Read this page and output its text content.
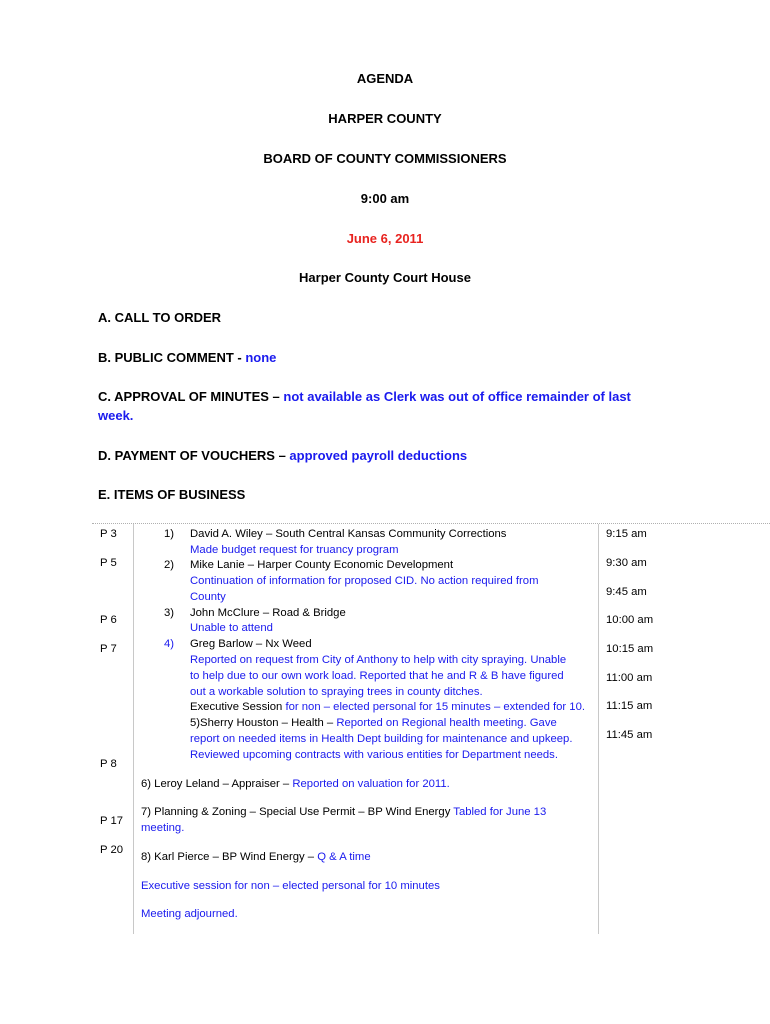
AGENDA
HARPER COUNTY
BOARD OF COUNTY COMMISSIONERS
9:00 am
June 6, 2011
Harper County Court House
A. CALL TO ORDER
B. PUBLIC COMMENT - none
C. APPROVAL OF MINUTES – not available as Clerk was out of office remainder of last
week.
D. PAYMENT OF VOUCHERS – approved payroll deductions
E. ITEMS OF BUSINESS
P 3
P 5
P 6
P 7
P 8
P 17
P 20
9:15 am
9:30 am
9:45 am
10:00 am
10:15 am
11:00 am
11:15 am
11:45 am
1) David A. Wiley – South Central Kansas Community Corrections
Made budget request for truancy program
2) Mike Lanie – Harper County Economic Development
Continuation of information for proposed CID. No action required from
County
3) John McClure – Road & Bridge
Unable to attend
4) Greg Barlow – Nx Weed
Reported on request from City of Anthony to help with city spraying. Unable
to help due to our own work load. Reported that he and R & B have figured
out a workable solution to spraying trees in county ditches.
Executive Session for non – elected personal for 15 minutes – extended for 10.
5)Sherry Houston – Health – Reported on Regional health meeting. Gave
report on needed items in Health Dept building for maintenance and upkeep.
Reviewed upcoming contracts with various entities for Department needs.
6) Leroy Leland – Appraiser – Reported on valuation for 2011.
7) Planning & Zoning – Special Use Permit – BP Wind Energy Tabled for June 13
meeting.
8) Karl Pierce – BP Wind Energy – Q & A time
Executive session for non – elected personal for 10 minutes
Meeting adjourned.
